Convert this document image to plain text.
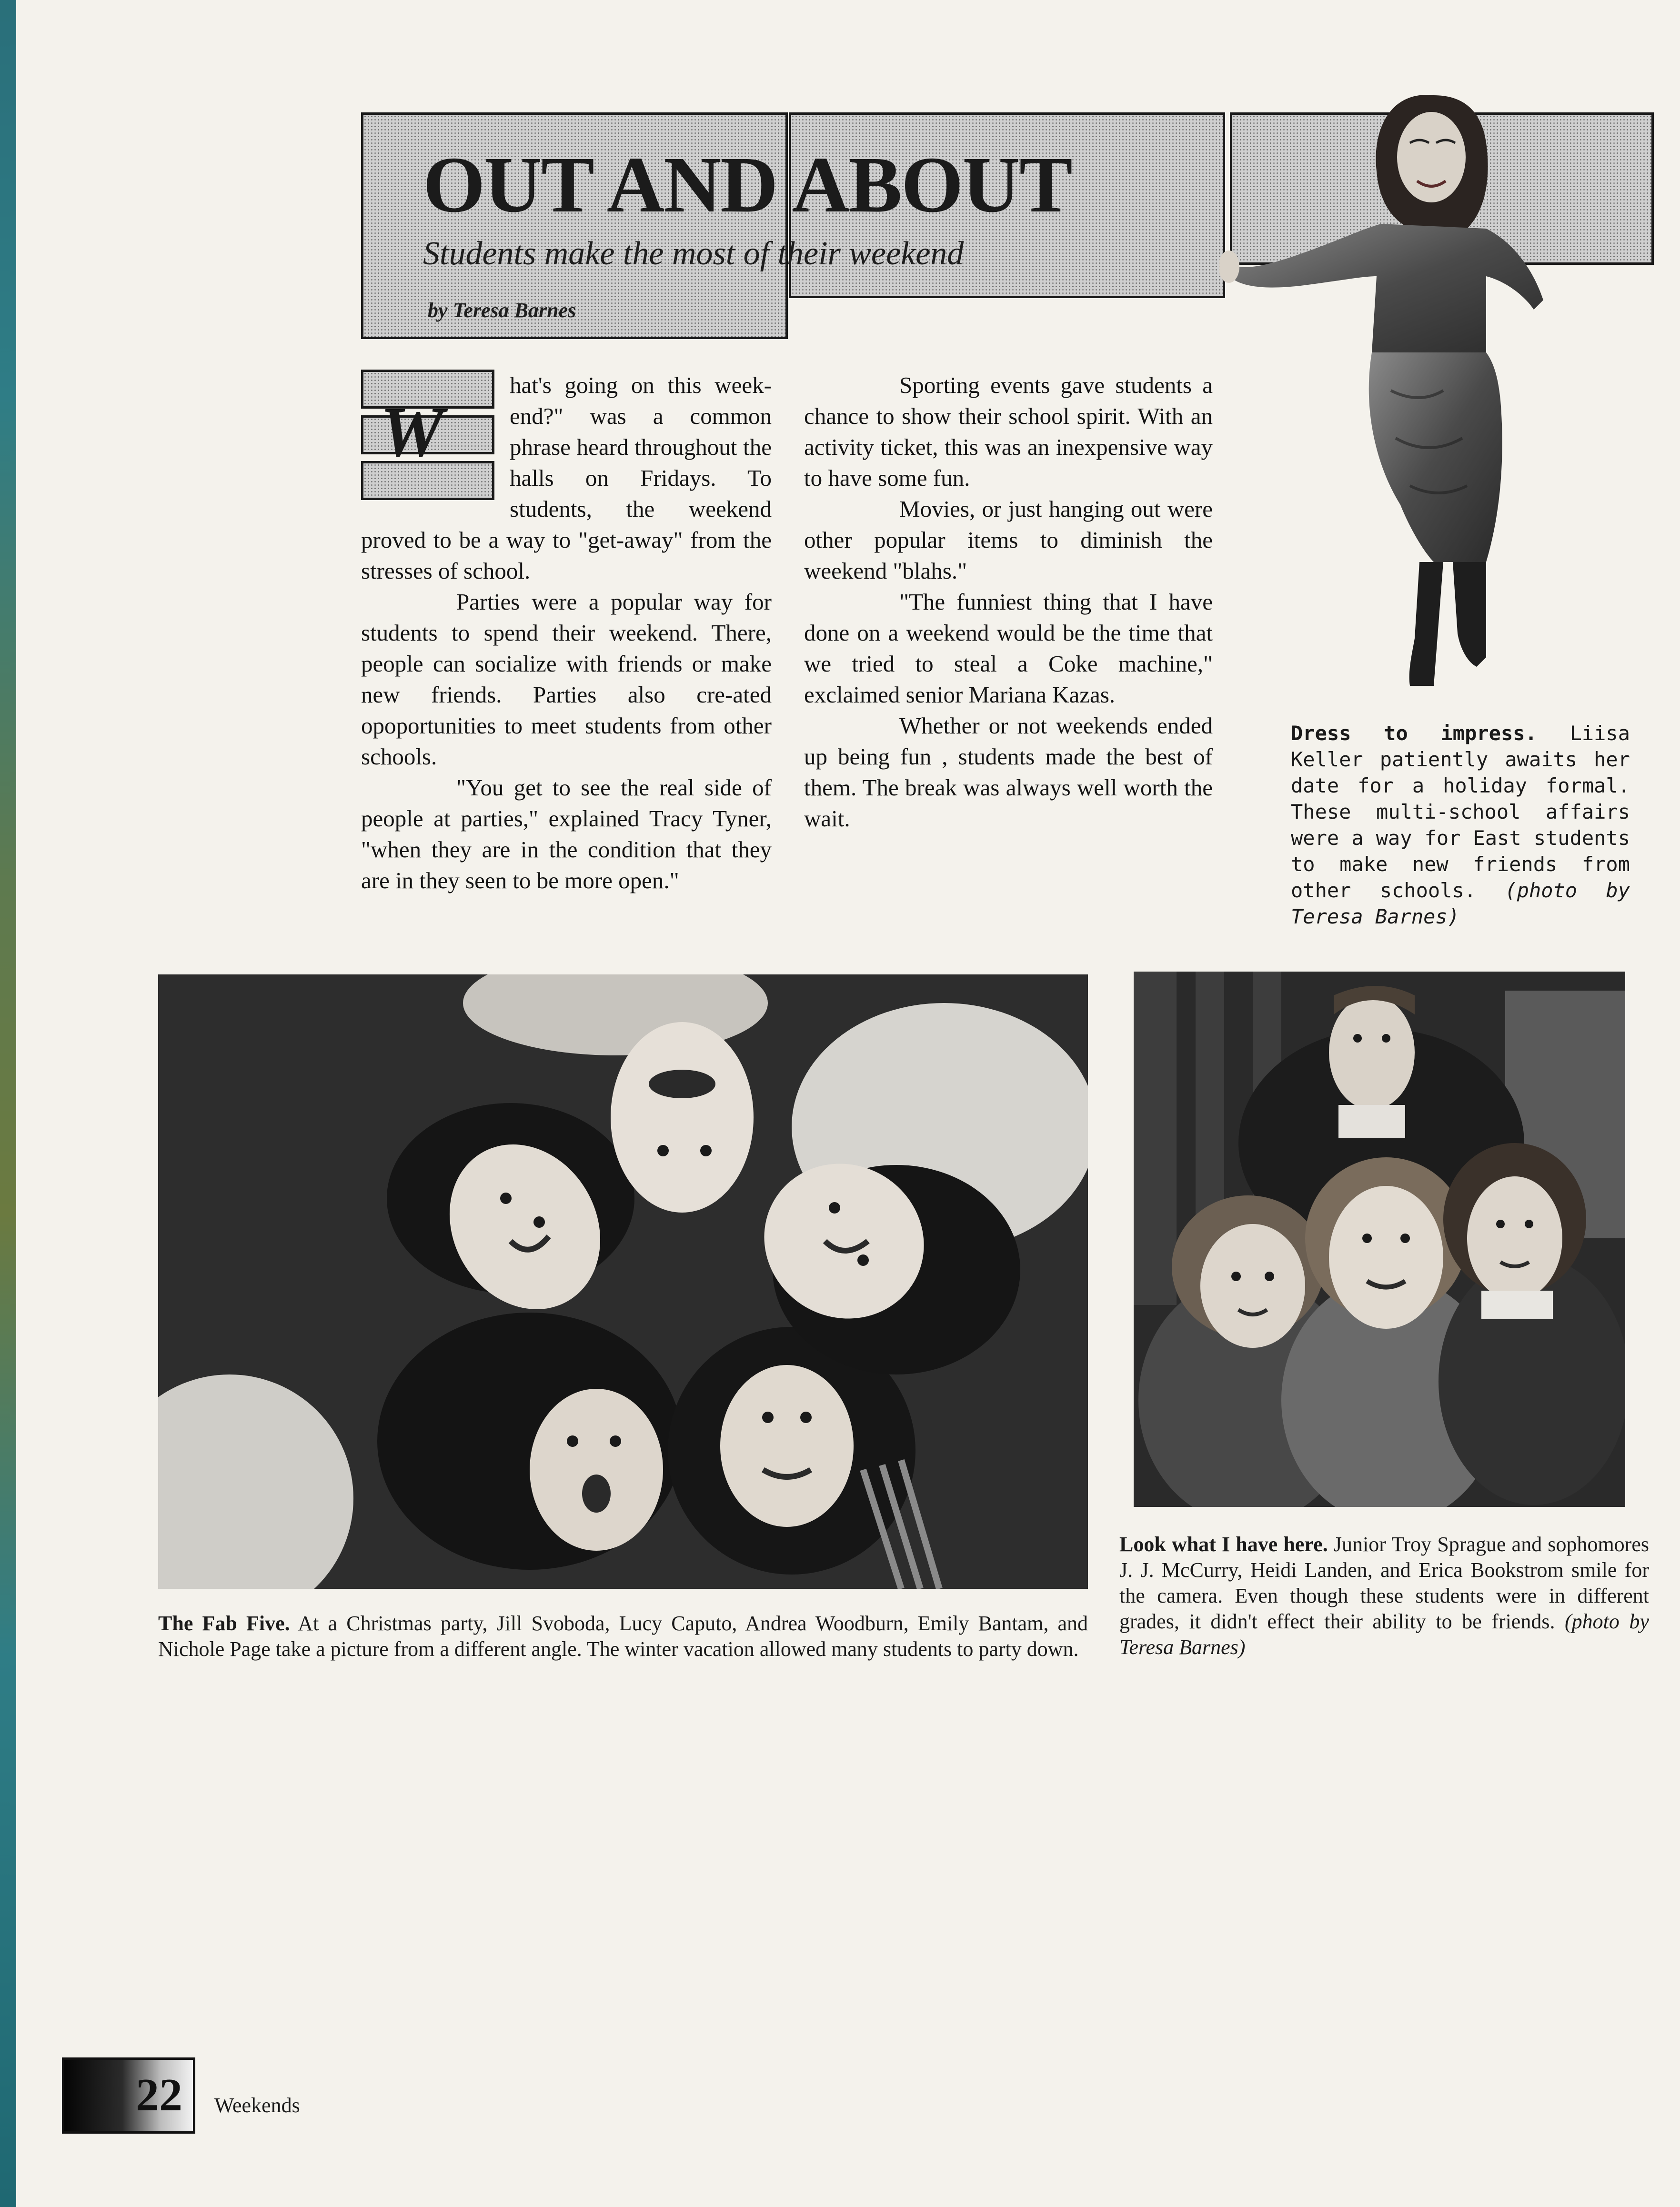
OUT AND ABOUT
Students make the most of their weekend
by Teresa Barnes
W

hat's going on this week-end?" was a common phrase heard throughout the halls on Fridays. To students, the weekend proved to be a way to "get-away" from the stresses of school.

Parties were a popular way for students to spend their weekend. There, people can socialize with friends or make new friends. Parties also cre-ated opoportunities to meet students from other schools.

"You get to see the real side of people at parties," explained Tracy Tyner, "when they are in the condition that they are in they seen to be more open."

Sporting events gave students a chance to show their school spirit. With an activity ticket, this was an inexpensive way to have some fun.

Movies, or just hanging out were other popular items to diminish the weekend "blahs."

"The funniest thing that I have done on a weekend would be the time that we tried to steal a Coke machine," exclaimed senior Mariana Kazas.

Whether or not weekends ended up being fun , students made the best of them. The break was always well worth the wait.

Dress to impress. Liisa Keller patiently awaits her date for a holiday formal. These multi-school affairs were a way for East students to make new friends from other schools. (photo by Teresa Barnes)
The Fab Five. At a Christmas party, Jill Svoboda, Lucy Caputo, Andrea Woodburn, Emily Bantam, and Nichole Page take a picture from a different angle. The winter vacation allowed many students to party down.
Look what I have here. Junior Troy Sprague and sophomores J. J. McCurry, Heidi Landen, and Erica Bookstrom smile for the camera. Even though these students were in different grades, it didn't effect their ability to be friends. (photo by Teresa Barnes)
22 Weekends
